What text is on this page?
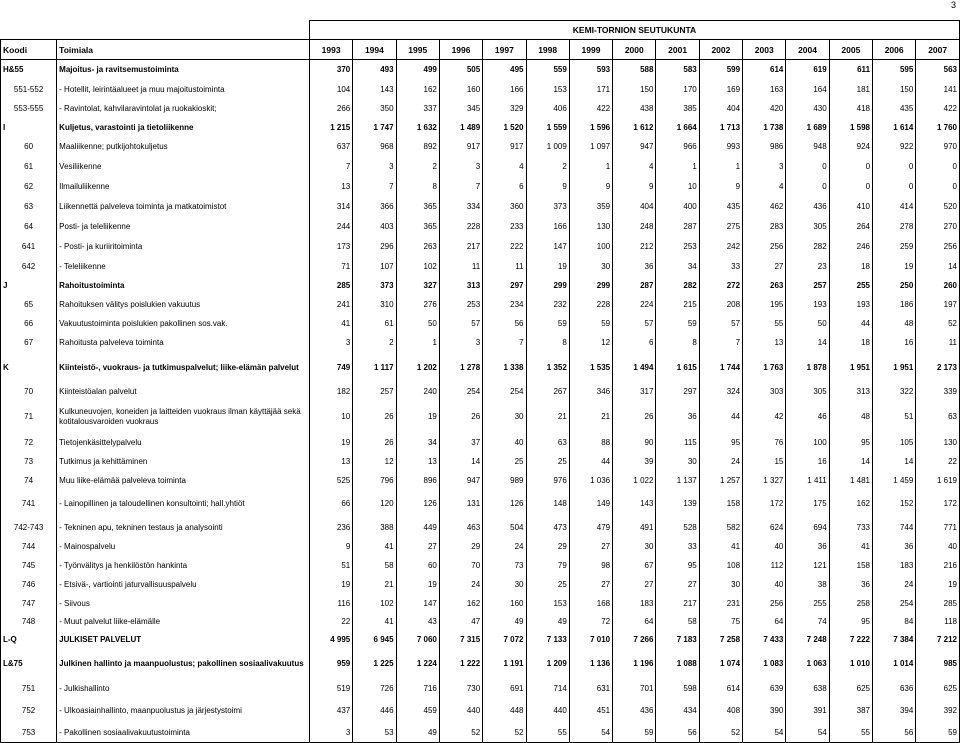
3
		KEMI-TORNION SEUTUKUNTA														
Koodi	Toimiala	1993	1994	1995	1996	1997	1998	1999	2000	2001	2002	2003	2004	2005	2006	2007
H&55	Majoitus- ja ravitsemustoiminta	370	493	499	505	495	559	593	588	583	599	614	619	611	595	563
551-552	- Hotellit, leirintäalueet ja muu majoitustoiminta	104	143	162	160	166	153	171	150	170	169	163	164	181	150	141
553-555	- Ravintolat, kahvilaravintolat ja ruokakioskit;	266	350	337	345	329	406	422	438	385	404	420	430	418	435	422
I	Kuljetus, varastointi ja tietoliikenne	1 215	1 747	1 632	1 489	1 520	1 559	1 596	1 612	1 664	1 713	1 738	1 689	1 598	1 614	1 760
60	Maaliikenne; putkijohtokuljetus	637	968	892	917	917	1 009	1 097	947	966	993	986	948	924	922	970
61	Vesiliikenne	7	3	2	3	4	2	1	4	1	1	3	0	0	0	0
62	Ilmailuliikenne	13	7	8	7	6	9	9	9	10	9	4	0	0	0	0
63	Liikennettä palveleva toiminta ja matkatoimistot	314	366	365	334	360	373	359	404	400	435	462	436	410	414	520
64	Posti- ja teleliikenne	244	403	365	228	233	166	130	248	287	275	283	305	264	278	270
641	- Posti- ja kuriiritoiminta	173	296	263	217	222	147	100	212	253	242	256	282	246	259	256
642	- Teleliikenne	71	107	102	11	11	19	30	36	34	33	27	23	18	19	14
J	Rahoitustoiminta	285	373	327	313	297	299	299	287	282	272	263	257	255	250	260
65	Rahoituksen välitys poislukien vakuutus	241	310	276	253	234	232	228	224	215	208	195	193	193	186	197
66	Vakuutustoiminta poislukien pakollinen sos.vak.	41	61	50	57	56	59	59	57	59	57	55	50	44	48	52
67	Rahoitusta palveleva toiminta	3	2	1	3	7	8	12	6	8	7	13	14	18	16	11
K	Kiinteistö-, vuokraus- ja tutkimuspalvelut; liike-elämän palvelut	749	1 117	1 202	1 278	1 338	1 352	1 535	1 494	1 615	1 744	1 763	1 878	1 951	1 951	2 173
70	Kiinteistöalan palvelut	182	257	240	254	254	267	346	317	297	324	303	305	313	322	339
71	Kulkuneuvojen, koneiden ja laitteiden vuokraus ilman käyttäjää sekä kotitalousvaroiden vuokraus	10	26	19	26	30	21	21	26	36	44	42	46	48	51	63
72	Tietojenkäsittelypalvelu	19	26	34	37	40	63	88	90	115	95	76	100	95	105	130
73	Tutkimus ja kehittäminen	13	12	13	14	25	25	44	39	30	24	15	16	14	14	22
74	Muu liike-elämää palveleva toiminta	525	796	896	947	989	976	1 036	1 022	1 137	1 257	1 327	1 411	1 481	1 459	1 619
741	- Lainopillinen ja taloudellinen konsultointi; hall.yhtiöt	66	120	126	131	126	148	149	143	139	158	172	175	162	152	172
742-743	- Tekninen apu, tekninen testaus ja analysointi	236	388	449	463	504	473	479	491	528	582	624	694	733	744	771
744	- Mainospalvelu	9	41	27	29	24	29	27	30	33	41	40	36	41	36	40
745	- Työnvälitys ja henkilöstön hankinta	51	58	60	70	73	79	98	67	95	108	112	121	158	183	216
746	- Etsivä-, vartiointi jaturvallisuuspalvelu	19	21	19	24	30	25	27	27	27	30	40	38	36	24	19
747	- Siivous	116	102	147	162	160	153	168	183	217	231	256	255	258	254	285
748	- Muut palvelut liike-elämälle	22	41	43	47	49	49	72	64	58	75	64	74	95	84	118
L-Q	JULKISET PALVELUT	4 995	6 945	7 060	7 315	7 072	7 133	7 010	7 266	7 183	7 258	7 433	7 248	7 222	7 384	7 212
L&75	Julkinen hallinto ja maanpuolustus; pakollinen sosiaalivakuutus	959	1 225	1 224	1 222	1 191	1 209	1 136	1 196	1 088	1 074	1 083	1 063	1 010	1 014	985
751	- Julkishallinto	519	726	716	730	691	714	631	701	598	614	639	638	625	636	625
752	- Ulkoasiainhallinto, maanpuolustus ja järjestystoimi	437	446	459	440	448	440	451	436	434	408	390	391	387	394	392
753	- Pakollinen sosiaalivakuutustoiminta	3	53	49	52	52	55	54	59	56	52	54	54	55	56	59
